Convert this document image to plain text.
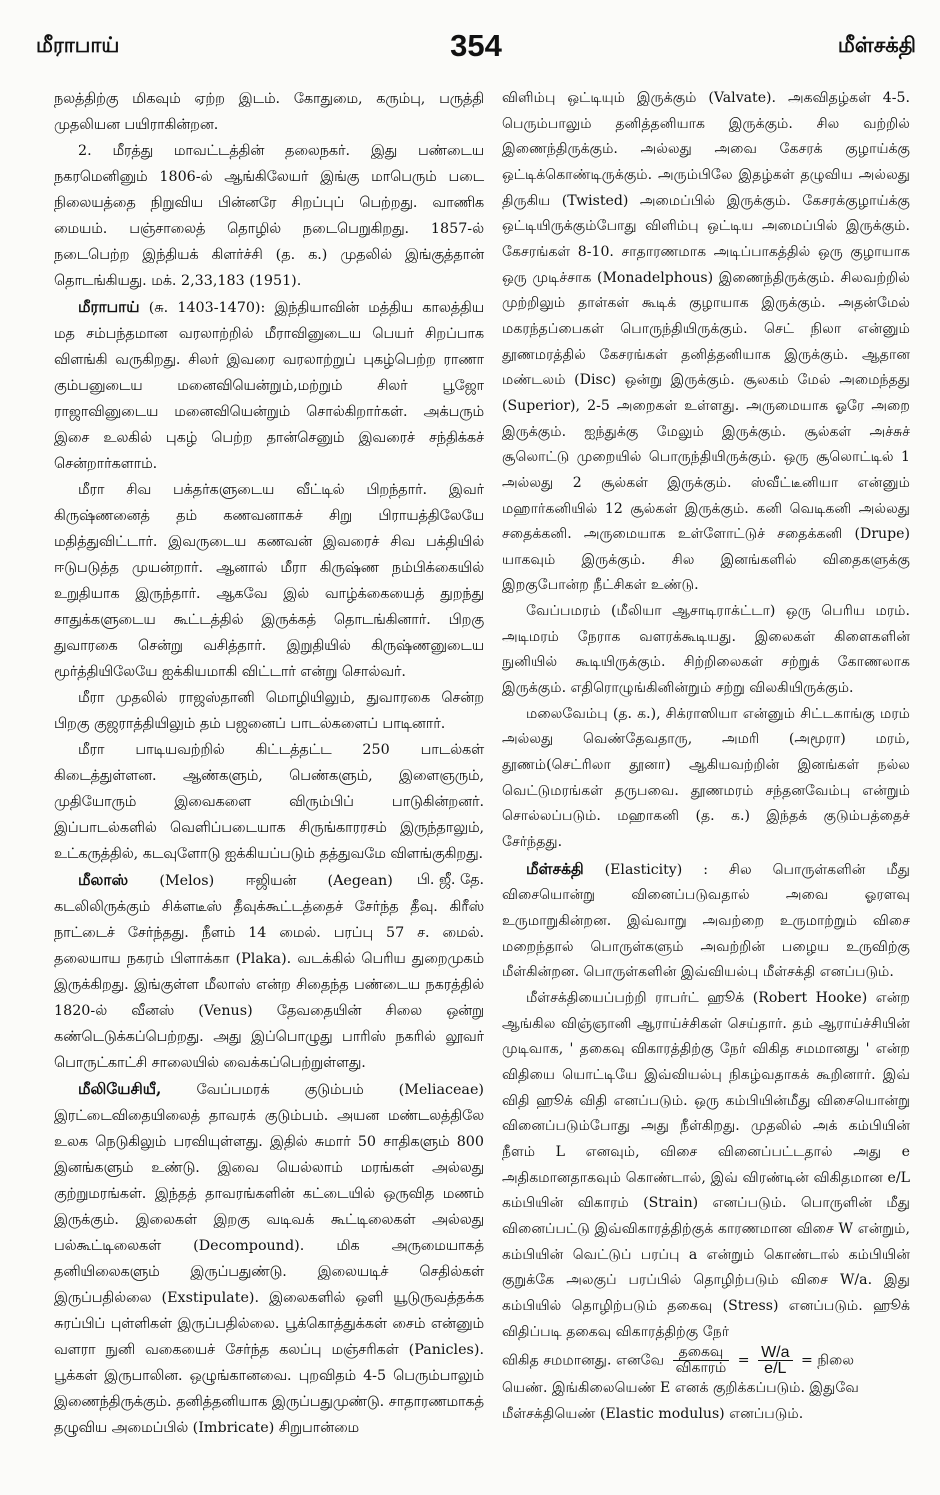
மீராபாய்	354	மீள்சக்தி

நலத்திற்கு மிகவும் ஏற்ற இடம். கோதுமை, கரும்பு, பருத்தி முதலியன பயிராகின்றன.

2. மீரத்து மாவட்டத்தின் தலைநகர். இது பண்டைய நகரமெனினும் 1806-ல் ஆங்கிலேயர் இங்கு மாபெரும் படை நிலையத்தை நிறுவிய பின்னரே சிறப்புப் பெற்றது. வாணிக மையம். பஞ்சாலைத் தொழில் நடைபெறுகிறது. 1857-ல் நடைபெற்ற இந்தியக் கிளர்ச்சி (த. க.) முதலில் இங்குத்தான் தொடங்கியது. மக். 2,33,183 (1951).

மீராபாய் (சு. 1403-1470): இந்தியாவின் மத்திய காலத்திய மத சம்பந்தமான வரலாற்றில் மீராவினுடைய பெயர் சிறப்பாக விளங்கி வருகிறது. சிலர் இவரை வரலாற்றுப் புகழ்பெற்ற ராணா கும்பனுடைய மனைவியென்றும்,மற்றும் சிலர் பூஜோ ராஜாவினுடைய மனைவியென்றும் சொல்கிறார்கள். அக்பரும் இசை உலகில் புகழ் பெற்ற தான்செனும் இவரைச் சந்திக்கச் சென்றார்களாம்.

மீரா சிவ பக்தர்களுடைய வீட்டில் பிறந்தார். இவர் கிருஷ்ணனைத் தம் கணவனாகச் சிறு பிராயத்திலேயே மதித்துவிட்டார். இவருடைய கணவன் இவரைச் சிவ பக்தியில் ஈடுபடுத்த முயன்றார். ஆனால் மீரா கிருஷ்ண நம்பிக்கையில் உறுதியாக இருந்தார். ஆகவே இல் வாழ்க்கையைத் துறந்து சாதுக்களுடைய கூட்டத்தில் இருக்கத் தொடங்கினார். பிறகு துவாரகை சென்று வசித்தார். இறுதியில் கிருஷ்ணனுடைய மூர்த்தியிலேயே ஐக்கியமாகி விட்டார் என்று சொல்வர்.

மீரா முதலில் ராஜஸ்தானி மொழியிலும், துவாரகை சென்ற பிறகு குஜராத்தியிலும் தம் பஜனைப் பாடல்களைப் பாடினார்.

மீரா பாடியவற்றில் கிட்டத்தட்ட 250 பாடல்கள் கிடைத்துள்ளன. ஆண்களும், பெண்களும், இளைஞரும், முதியோரும் இவைகளை விரும்பிப் பாடுகின்றனர். இப்பாடல்களில் வெளிப்படையாக சிருங்காரரசம் இருந்தாலும், உட்கருத்தில், கடவுளோடு ஐக்கியப்படும் தத்துவமே விளங்குகிறது.
பி. ஜீ. தே.

மீலாஸ் (Melos) ஈஜியன் (Aegean) கடலிலிருக்கும் சிக்ளடீஸ் தீவுக்கூட்டத்தைச் சேர்ந்த தீவு. கிரீஸ் நாட்டைச் சேர்ந்தது. நீளம் 14 மைல். பரப்பு 57 ச. மைல். தலையாய நகரம் பிளாக்கா (Plaka). வடக்கில் பெரிய துறைமுகம் இருக்கிறது. இங்குள்ள மீலாஸ் என்ற சிதைந்த பண்டைய நகரத்தில் 1820-ல் வீனஸ் (Venus) தேவதையின் சிலை ஒன்று கண்டெடுக்கப்பெற்றது. அது இப்பொழுது பாரிஸ் நகரில் லூவர் பொருட்காட்சி சாலையில் வைக்கப்பெற்றுள்ளது.

மீலியேசியீ, வேப்பமரக் குடும்பம் (Meliaceae) இரட்டைவிதையிலைத் தாவரக் குடும்பம். அயன மண்டலத்திலே உலக நெடுகிலும் பரவியுள்ளது. இதில் சுமார் 50 சாதிகளும் 800 இனங்களும் உண்டு. இவை யெல்லாம் மரங்கள் அல்லது குற்றுமரங்கள். இந்தத் தாவரங்களின் கட்டையில் ஒருவித மணம் இருக்கும். இலைகள் இறகு வடிவக் கூட்டிலைகள் அல்லது பல்கூட்டிலைகள் (Decompound). மிக அருமையாகத் தனியிலைகளும் இருப்பதுண்டு. இலையடிச் செதில்கள் இருப்பதில்லை (Exstipulate). இலைகளில் ஒளி யூடுருவத்தக்க சுரப்பிப் புள்ளிகள் இருப்பதில்லை. பூக்கொத்துக்கள் சைம் என்னும் வளரா நுனி வகையைச் சேர்ந்த கலப்பு மஞ்சரிகள் (Panicles). பூக்கள் இருபாலின. ஒழுங்கானவை. புறவிதம் 4-5 பெரும்பாலும் இணைந்திருக்கும். தனித்தனியாக இருப்பதுமுண்டு. சாதாரணமாகத் தழுவிய அமைப்பில் (Imbricate) சிறுபான்மை

விளிம்பு ஒட்டியும் இருக்கும் (Valvate). அகவிதழ்கள் 4-5. பெரும்பாலும் தனித்தனியாக இருக்கும். சில வற்றில் இணைந்திருக்கும். அல்லது அவை கேசரக் குழாய்க்கு ஒட்டிக்கொண்டிருக்கும். அரும்பிலே இதழ்கள் தழுவிய அல்லது திருகிய (Twisted) அமைப்பில் இருக்கும். கேசரக்குழாய்க்கு ஒட்டியிருக்கும்போது விளிம்பு ஒட்டிய அமைப்பில் இருக்கும். கேசரங்கள் 8-10. சாதாரணமாக அடிப்பாகத்தில் ஒரு குழாயாக ஒரு முடிச்சாக (Monadelphous) இணைந்திருக்கும். சிலவற்றில் முற்றிலும் தாள்கள் கூடிக் குழாயாக இருக்கும். அதன்மேல் மகரந்தப்பைகள் பொருந்தியிருக்கும். செட் நிலா என்னும் தூணமரத்தில் கேசரங்கள் தனித்தனியாக இருக்கும். ஆதான மண்டலம் (Disc) ஒன்று இருக்கும். சூலகம் மேல் அமைந்தது (Superior), 2-5 அறைகள் உள்ளது. அருமையாக ஓரே அறை இருக்கும். ஐந்துக்கு மேலும் இருக்கும். சூல்கள் அச்சுச் சூலொட்டு முறையில் பொருந்தியிருக்கும். ஒரு சூலொட்டில் 1 அல்லது 2 சூல்கள் இருக்கும். ஸ்வீட்டீனியா என்னும் மஹார்கனியில் 12 சூல்கள் இருக்கும். கனி வெடிகனி அல்லது சதைக்கனி. அருமையாக உள்ளோட்டுச் சதைக்கனி (Drupe) யாகவும் இருக்கும். சில இனங்களில் விதைகளுக்கு இறகுபோன்ற நீட்சிகள் உண்டு.

வேப்பமரம் (மீலியா ஆசாடிராக்ட்டா) ஒரு பெரிய மரம். அடிமரம் நேராக வளரக்கூடியது. இலைகள் கிளைகளின் நுனியில் கூடியிருக்கும். சிற்றிலைகள் சற்றுக் கோணலாக இருக்கும். எதிரொழுங்கினின்றும் சற்று விலகியிருக்கும்.

மலைவேம்பு (த. க.), சிக்ராஸியா என்னும் சிட்டகாங்கு மரம் அல்லது வெண்தேவதாரு, அமரி (அமூரா) மரம், தூணம்(செட்ரிலா தூனா) ஆகியவற்றின் இனங்கள் நல்ல வெட்டுமரங்கள் தருபவை. தூணமரம் சந்தனவேம்பு என்றும் சொல்லப்படும். மஹாகனி (த. க.) இந்தக் குடும்பத்தைச் சேர்ந்தது.

மீள்சக்தி (Elasticity) : சில பொருள்களின் மீது விசையொன்று வினைப்படுவதால் அவை ஓரளவு உருமாறுகின்றன. இவ்வாறு அவற்றை உருமாற்றும் விசை மறைந்தால் பொருள்களும் அவற்றின் பழைய உருவிற்கு மீள்கின்றன. பொருள்களின் இவ்வியல்பு மீள்சக்தி எனப்படும்.

மீள்சக்தியைப்பற்றி ராபர்ட் ஹூக் (Robert Hooke) என்ற ஆங்கில விஞ்ஞானி ஆராய்ச்சிகள் செய்தார். தம் ஆராய்ச்சியின் முடிவாக, ' தகைவு விகாரத்திற்கு நேர் விகித சமமானது ' என்ற விதியை யொட்டியே இவ்வியல்பு நிகழ்வதாகக் கூறினார். இவ் விதி ஹூக் விதி எனப்படும். ஒரு கம்பியின்மீது விசையொன்று வினைப்படும்போது அது நீள்கிறது. முதலில் அக் கம்பியின் நீளம் L எனவும், விசை வினைப்பட்டதால் அது e அதிகமானதாகவும் கொண்டால், இவ் விரண்டின் விகிதமான e/L கம்பியின் விகாரம் (Strain) எனப்படும். பொருளின் மீது வினைப்பட்டு இவ்விகாரத்திற்குக் காரணமான விசை W என்றும், கம்பியின் வெட்டுப் பரப்பு a என்றும் கொண்டால் கம்பியின் குறுக்கே அலகுப் பரப்பில் தொழிற்படும் விசை W/a. இது கம்பியில் தொழிற்படும் தகைவு (Stress) எனப்படும். ஹூக் விதிப்படி தகைவு விகாரத்திற்கு நேர்

விகித சமமானது. எனவே $\frac{\text{தகைவு}}{\text{விகாரம்}} = \frac{W/a}{e/L}$ = நிலை

யெண். இங்கிலையெண் E எனக் குறிக்கப்படும். இதுவே

மீள்சக்தியெண் (Elastic modulus) எனப்படும்.
